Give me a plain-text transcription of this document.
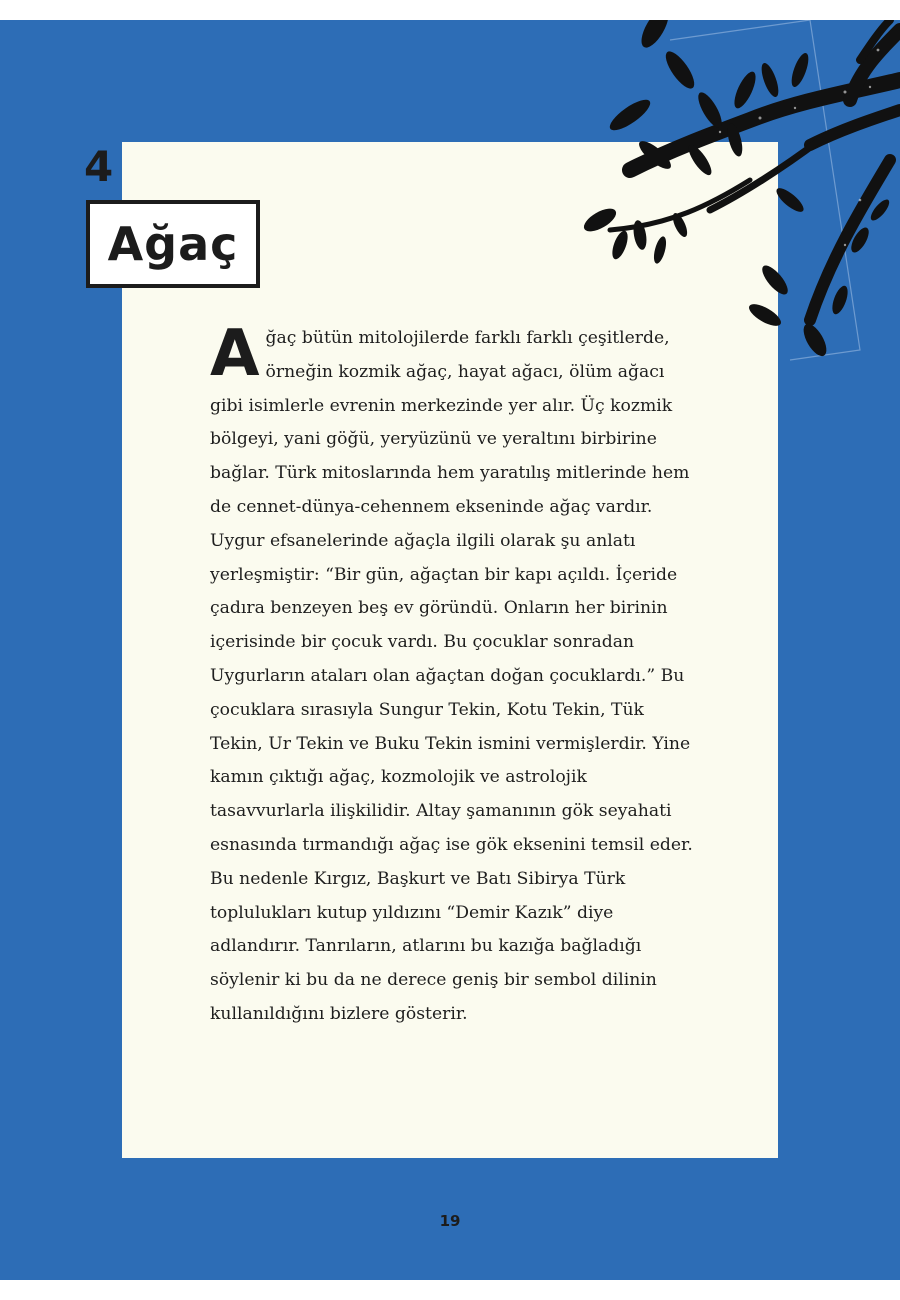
4
Ağaç

Ağaç bütün mitolojilerde farklı farklı çeşitlerde, örneğin kozmik ağaç, hayat ağacı, ölüm ağacı gibi isimlerle evrenin merkezinde yer alır. Üç kozmik bölgeyi, yani göğü, yeryüzünü ve yeraltını birbirine bağlar. Türk mitoslarında hem yaratılış mitlerinde hem de cennet-dünya-cehennem ekseninde ağaç vardır. Uygur efsanelerinde ağaçla ilgili olarak şu anlatı yerleşmiştir: “Bir gün, ağaçtan bir kapı açıldı. İçeride çadıra benzeyen beş ev göründü. Onların her birinin içerisinde bir çocuk vardı. Bu çocuklar sonradan Uygurların ataları olan ağaçtan doğan çocuklardı.” Bu çocuklara sırasıyla Sungur Tekin, Kotu Tekin, Tük Tekin, Ur Tekin ve Buku Tekin ismini vermişlerdir. Yine kamın çıktığı ağaç, kozmolojik ve astrolojik tasavvurlarla ilişkilidir. Altay şamanının gök seyahati esnasında tırmandığı ağaç ise gök eksenini temsil eder. Bu nedenle Kırgız, Başkurt ve Batı Sibirya Türk toplulukları kutup yıldızını “Demir Kazık” diye adlandırır. Tanrıların, atlarını bu kazığa bağladığı söylenir ki bu da ne derece geniş bir sembol dilinin kullanıldığını bizlere gösterir.

19
